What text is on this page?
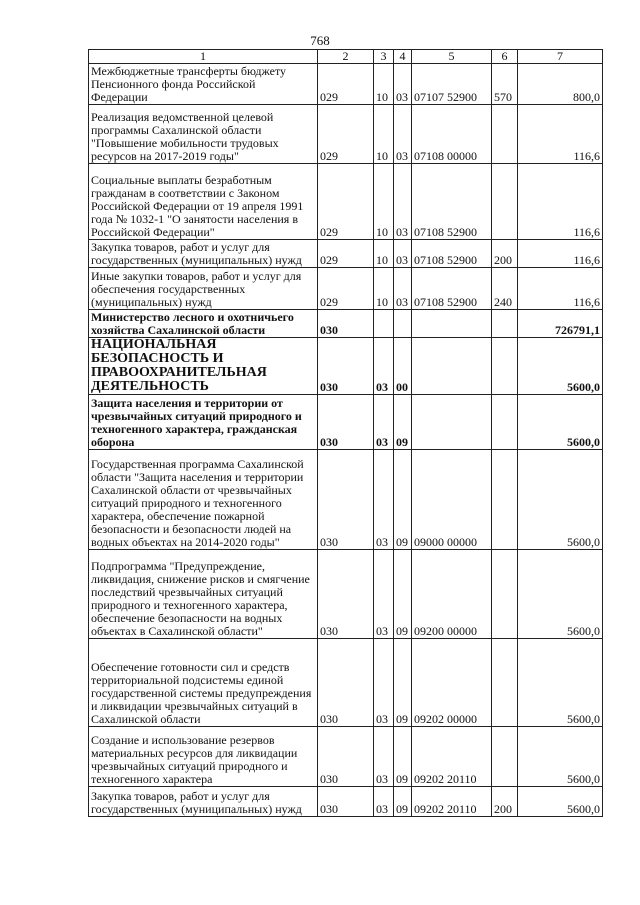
768
1	2	3	4	5	6	7
Межбюджетные трансферты бюджету Пенсионного фонда Российской Федерации	029	10	03	07107 52900	570	800,0
Реализация ведомственной целевой программы Сахалинской области "Повышение мобильности трудовых ресурсов на 2017-2019 годы"	029	10	03	07108 00000		116,6
Социальные выплаты безработным гражданам в соответствии с Законом Российской Федерации от 19 апреля 1991 года № 1032-1 "О занятости населения в Российской Федерации"	029	10	03	07108 52900		116,6
Закупка товаров, работ и услуг для государственных (муниципальных) нужд	029	10	03	07108 52900	200	116,6
Иные закупки товаров, работ и услуг для обеспечения государственных (муниципальных) нужд	029	10	03	07108 52900	240	116,6
Министерство лесного и охотничьего хозяйства Сахалинской области	030					726791,1
НАЦИОНАЛЬНАЯ БЕЗОПАСНОСТЬ И ПРАВООХРАНИТЕЛЬНАЯ ДЕЯТЕЛЬНОСТЬ	030	03	00			5600,0
Защита населения и территории от чрезвычайных ситуаций природного и техногенного характера, гражданская оборона	030	03	09			5600,0
Государственная программа Сахалинской области "Защита населения и территории Сахалинской области от чрезвычайных ситуаций природного и техногенного характера, обеспечение пожарной безопасности и безопасности людей на водных объектах на 2014-2020 годы"	030	03	09	09000 00000		5600,0
Подпрограмма "Предупреждение, ликвидация, снижение рисков и смягчение последствий чрезвычайных ситуаций природного и техногенного характера, обеспечение безопасности на водных объектах в Сахалинской области"	030	03	09	09200 00000		5600,0
Обеспечение готовности сил и средств территориальной подсистемы единой государственной системы предупреждения и ликвидации чрезвычайных ситуаций в Сахалинской области	030	03	09	09202 00000		5600,0
Создание и использование резервов материальных ресурсов для ликвидации чрезвычайных ситуаций природного и техногенного характера	030	03	09	09202 20110		5600,0
Закупка товаров, работ и услуг для государственных (муниципальных) нужд	030	03	09	09202 20110	200	5600,0
